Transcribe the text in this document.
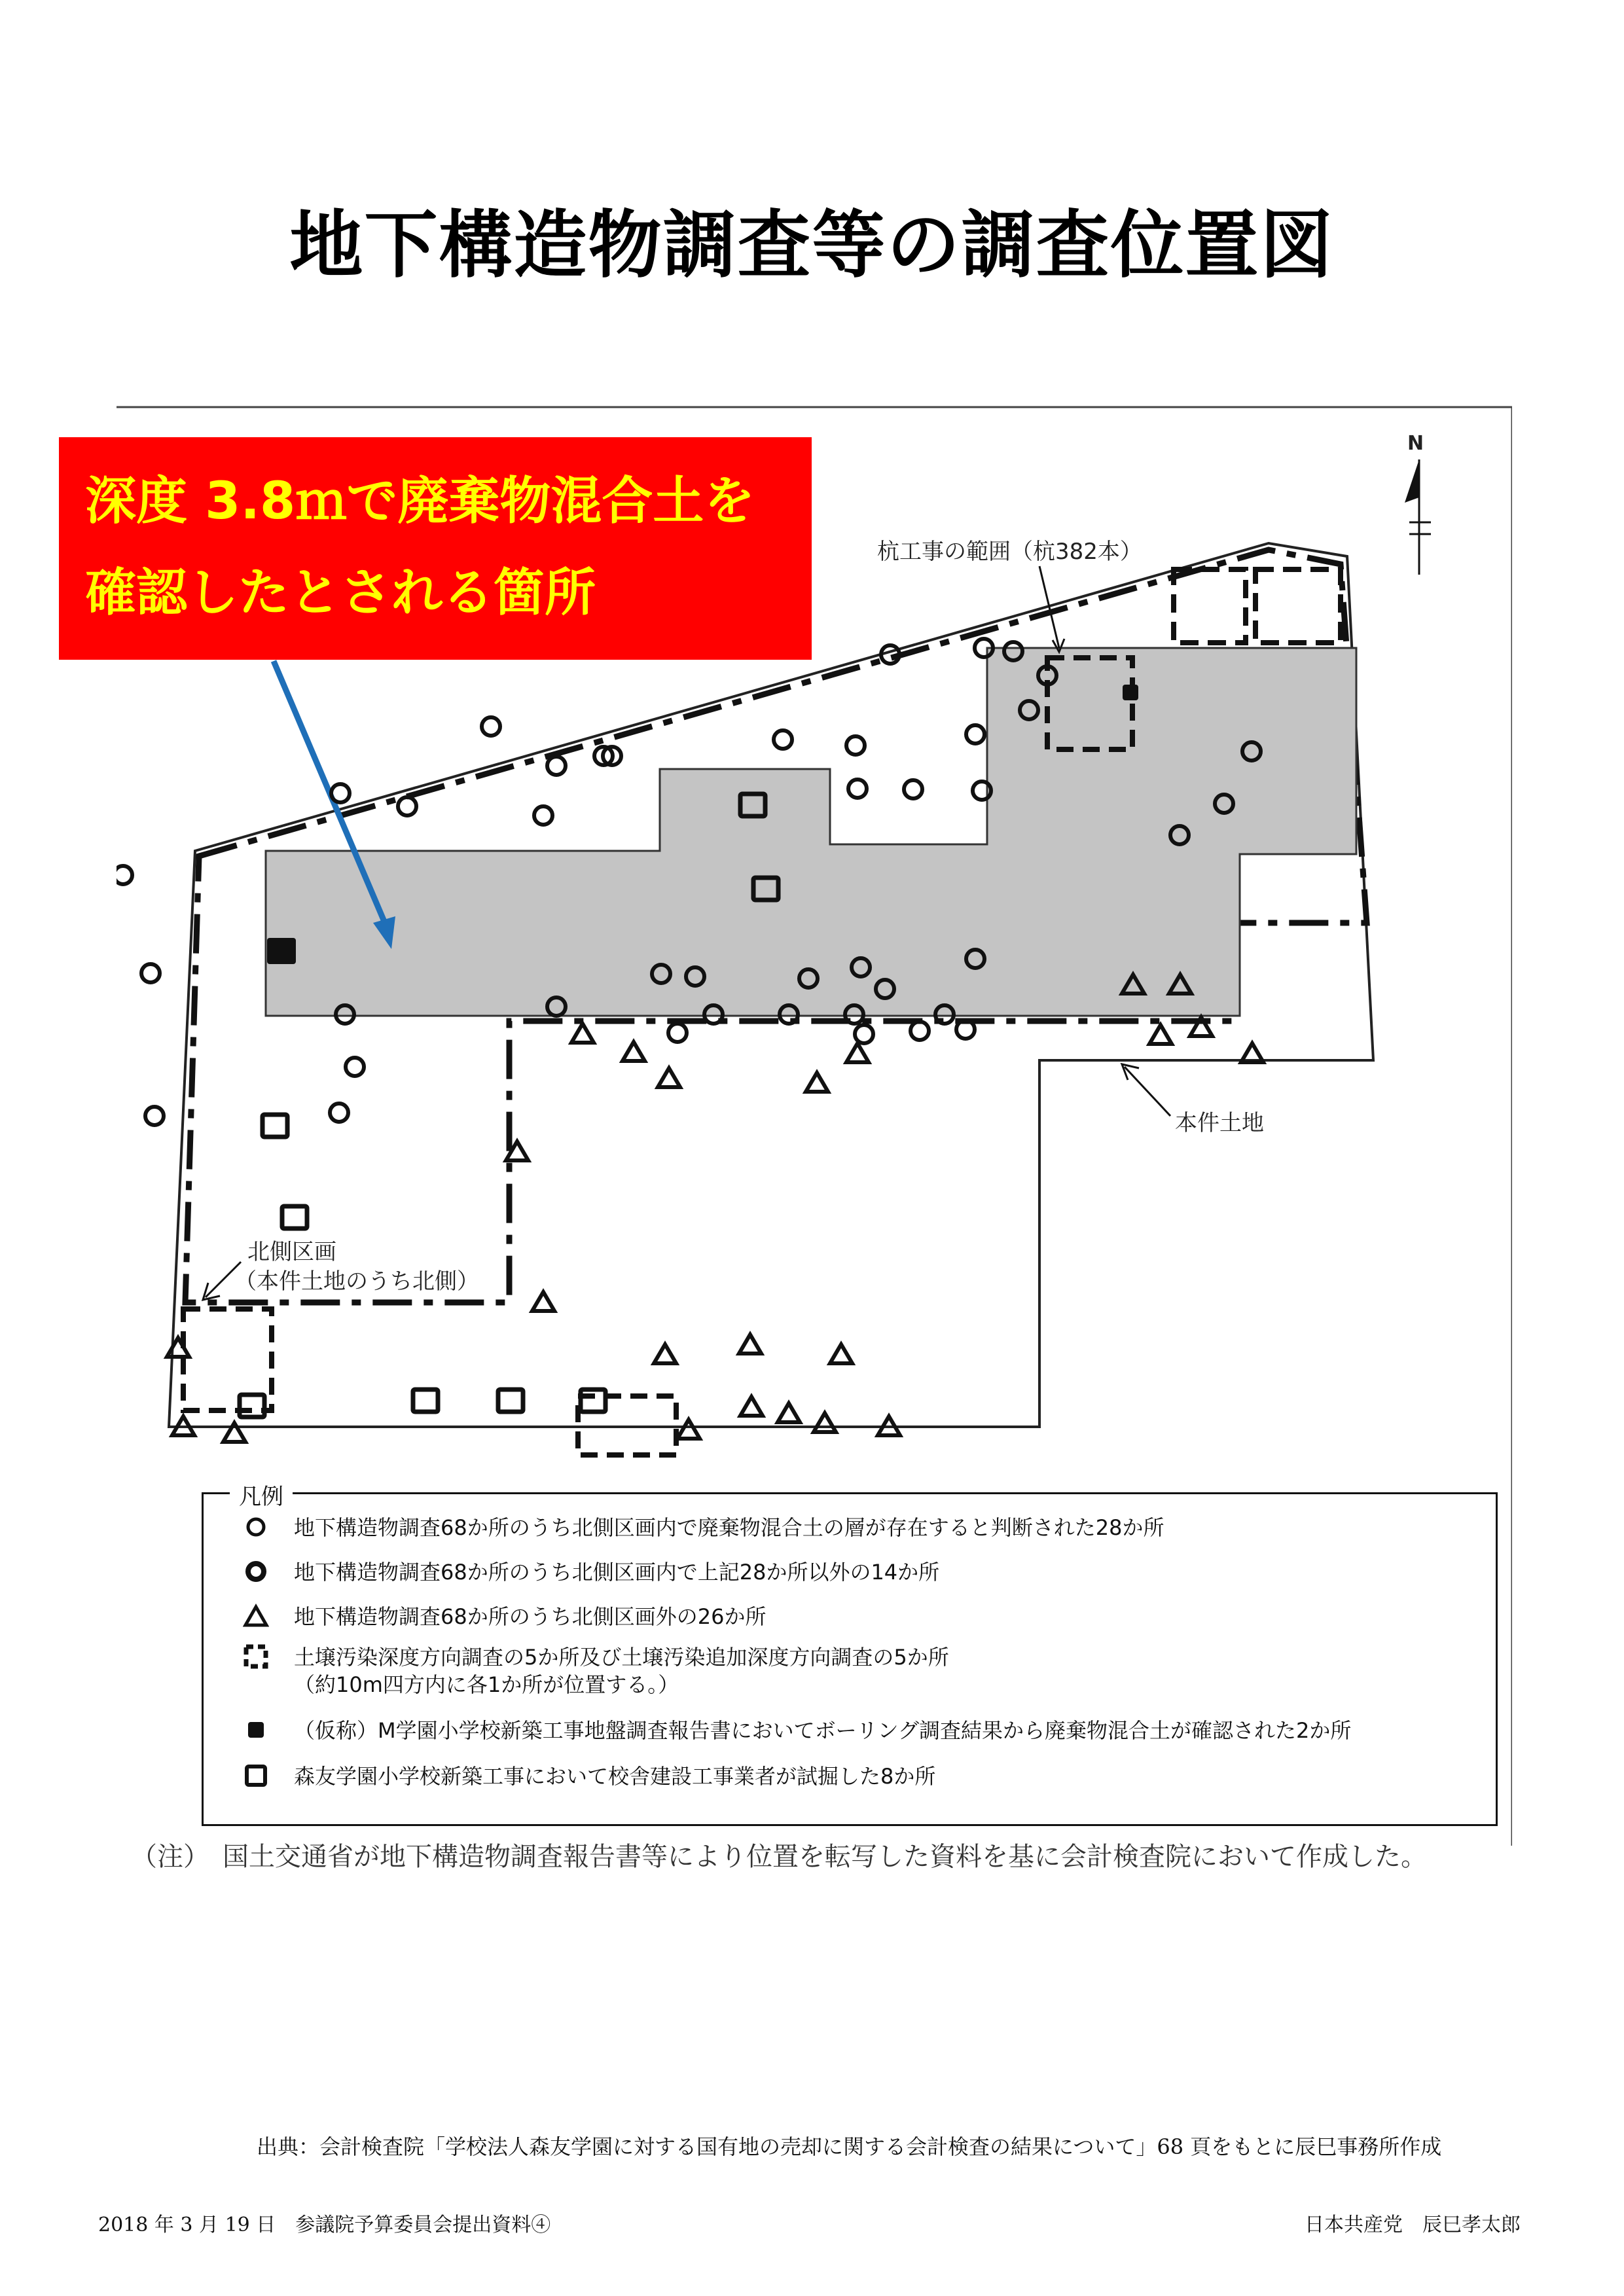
地下構造物調査等の調査位置図
N
杭工事の範囲（杭382本）
本件土地
北側区画
（本件土地のうち北側）
深度 3.8ｍで廃棄物混合土を
確認したとされる箇所
凡例
地下構造物調査68か所のうち北側区画内で廃棄物混合土の層が存在すると判断された28か所
地下構造物調査68か所のうち北側区画内で上記28か所以外の14か所
地下構造物調査68か所のうち北側区画外の26か所
土壌汚染深度方向調査の5か所及び土壌汚染追加深度方向調査の5か所
（約10m四方内に各1か所が位置する。）
（仮称）M学園小学校新築工事地盤調査報告書においてボーリング調査結果から廃棄物混合土が確認された2か所
森友学園小学校新築工事において校舎建設工事業者が試掘した8か所
（注）　国土交通省が地下構造物調査報告書等により位置を転写した資料を基に会計検査院において作成した。
出典：会計検査院「学校法人森友学園に対する国有地の売却に関する会計検査の結果について」68 頁をもとに辰巳事務所作成
2018 年 3 月 19 日　参議院予算委員会提出資料④	日本共産党　辰巳孝太郎
